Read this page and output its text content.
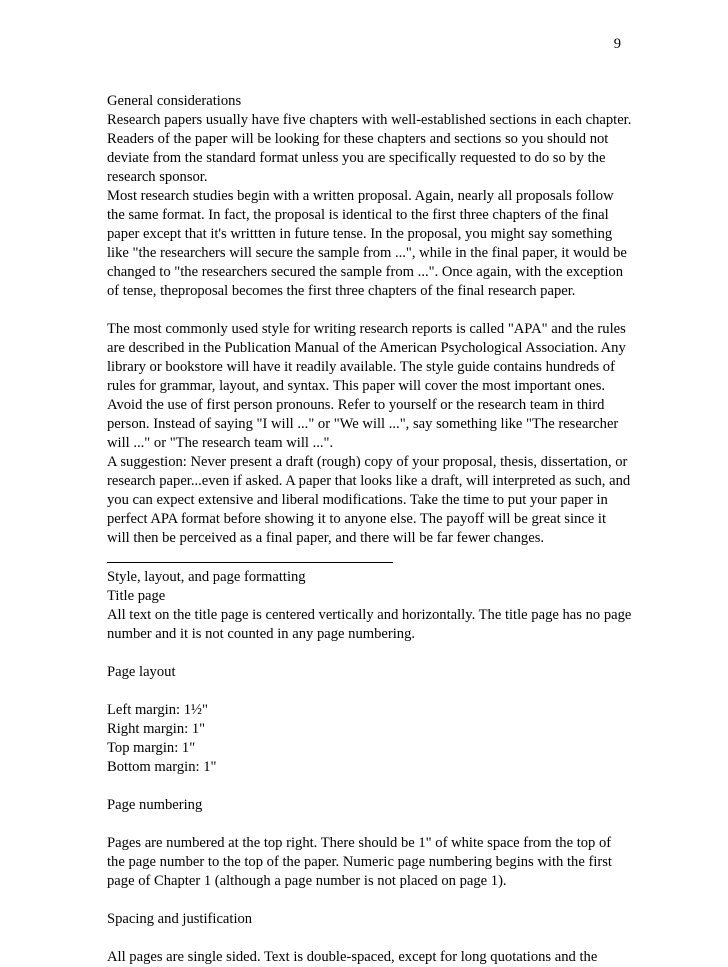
9

General considerations

Research papers usually have five chapters with well-established sections in each chapter. Readers of the paper will be looking for these chapters and sections so you should not deviate from the standard format unless you are specifically requested to do so by the research sponsor.

Most research studies begin with a written proposal. Again, nearly all proposals follow the same format. In fact, the proposal is identical to the first three chapters of the final paper except that it's writtten in future tense. In the proposal, you might say something like "the researchers will secure the sample from ...", while in the final paper, it would be changed to "the researchers secured the sample from ...". Once again, with the exception of tense, theproposal becomes the first three chapters of the final research paper.

The most commonly used style for writing research reports is called "APA" and the rules are described in the Publication Manual of the American Psychological Association. Any library or bookstore will have it readily available. The style guide contains hundreds of rules for grammar, layout, and syntax. This paper will cover the most important ones.

Avoid the use of first person pronouns. Refer to yourself or the research team in third person. Instead of saying "I will ..." or "We will ...", say something like "The researcher will ..." or "The research team will ...".

A suggestion: Never present a draft (rough) copy of your proposal, thesis, dissertation, or research paper...even if asked. A paper that looks like a draft, will interpreted as such, and you can expect extensive and liberal modifications. Take the time to put your paper in perfect APA format before showing it to anyone else. The payoff will be great since it will then be perceived as a final paper, and there will be far fewer changes.

Style, layout, and page formatting

Title page

All text on the title page is centered vertically and horizontally. The title page has no page number and it is not counted in any page numbering.

Page layout

Left margin: 1½"

Right margin: 1"

Top margin: 1"

Bottom margin: 1"

Page numbering

Pages are numbered at the top right. There should be 1" of white space from the top of the page number to the top of the paper. Numeric page numbering begins with the first page of Chapter 1 (although a page number is not placed on page 1).

Spacing and justification

All pages are single sided. Text is double-spaced, except for long quotations and the
